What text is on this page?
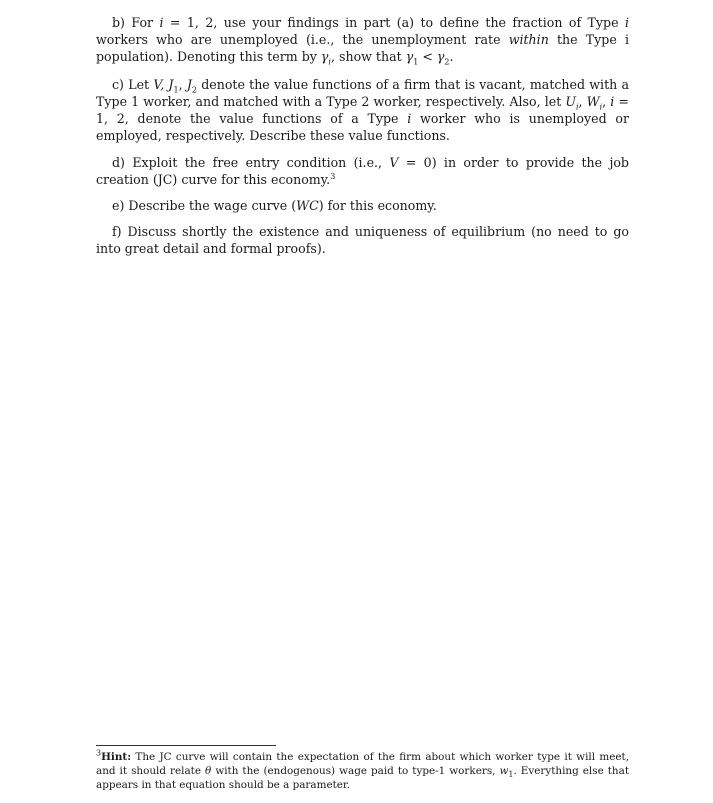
b) For i = 1, 2, use your findings in part (a) to define the fraction of Type i workers who are unemployed (i.e., the unemployment rate within the Type i population). Denoting this term by $\gamma_i$, show that $\gamma_1 < \gamma_2$.

c) Let V, $J_1$, $J_2$ denote the value functions of a firm that is vacant, matched with a Type 1 worker, and matched with a Type 2 worker, respectively. Also, let $U_i$, $W_i$, i = 1, 2, denote the value functions of a Type i worker who is unemployed or employed, respectively. Describe these value functions.

d) Exploit the free entry condition (i.e., V = 0) in order to provide the job creation (JC) curve for this economy.$^3$

e) Describe the wage curve (WC) for this economy.

f) Discuss shortly the existence and uniqueness of equilibrium (no need to go into great detail and formal proofs).

$^3$Hint: The JC curve will contain the expectation of the firm about which worker type it will meet, and it should relate θ with the (endogenous) wage paid to type-1 workers, $w_1$. Everything else that appears in that equation should be a parameter.
